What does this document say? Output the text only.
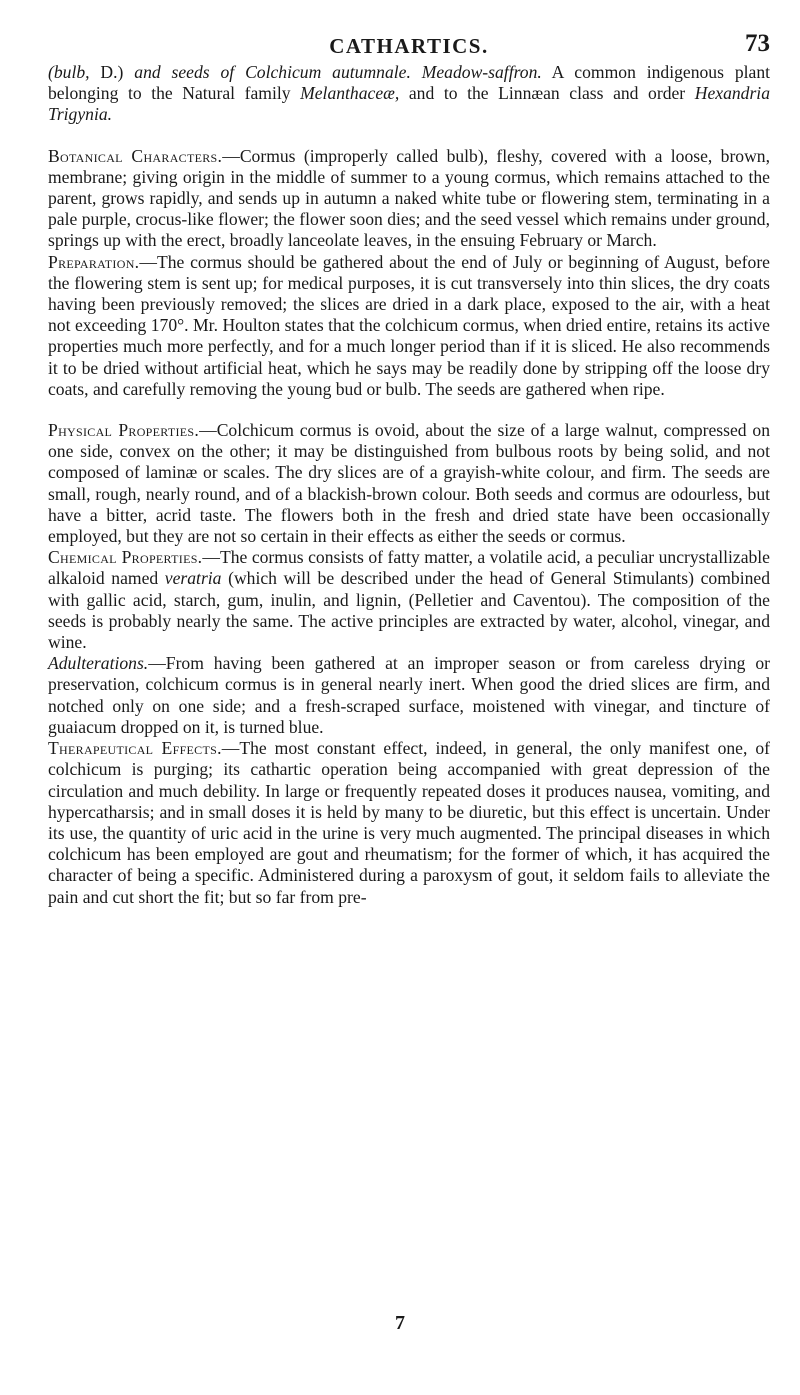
CATHARTICS.	73

(bulb, D.) and seeds of Colchicum autumnale. Meadow-saffron. A common indigenous plant belonging to the Natural family Melanthaceæ, and to the Linnæan class and order Hexandria Trigynia.

Botanical Characters.—Cormus (improperly called bulb), fleshy, covered with a loose, brown, membrane; giving origin in the middle of summer to a young cormus, which remains attached to the parent, grows rapidly, and sends up in autumn a naked white tube or flowering stem, terminating in a pale purple, crocus-like flower; the flower soon dies; and the seed vessel which remains under ground, springs up with the erect, broadly lanceolate leaves, in the ensuing February or March.

Preparation.—The cormus should be gathered about the end of July or beginning of August, before the flowering stem is sent up; for medical purposes, it is cut transversely into thin slices, the dry coats having been previously removed; the slices are dried in a dark place, exposed to the air, with a heat not exceeding 170°. Mr. Houlton states that the colchicum cormus, when dried entire, retains its active properties much more perfectly, and for a much longer period than if it is sliced. He also recommends it to be dried without artificial heat, which he says may be readily done by stripping off the loose dry coats, and carefully removing the young bud or bulb. The seeds are gathered when ripe.

Physical Properties.—Colchicum cormus is ovoid, about the size of a large walnut, compressed on one side, convex on the other; it may be distinguished from bulbous roots by being solid, and not composed of laminæ or scales. The dry slices are of a grayish-white colour, and firm. The seeds are small, rough, nearly round, and of a blackish-brown colour. Both seeds and cormus are odourless, but have a bitter, acrid taste. The flowers both in the fresh and dried state have been occasionally employed, but they are not so certain in their effects as either the seeds or cormus.

Chemical Properties.—The cormus consists of fatty matter, a volatile acid, a peculiar uncrystallizable alkaloid named veratria (which will be described under the head of General Stimulants) combined with gallic acid, starch, gum, inulin, and lignin, (Pelletier and Caventou). The composition of the seeds is probably nearly the same. The active principles are extracted by water, alcohol, vinegar, and wine.

Adulterations.—From having been gathered at an improper season or from careless drying or preservation, colchicum cormus is in general nearly inert. When good the dried slices are firm, and notched only on one side; and a fresh-scraped surface, moistened with vinegar, and tincture of guaiacum dropped on it, is turned blue.

Therapeutical Effects.—The most constant effect, indeed, in general, the only manifest one, of colchicum is purging; its cathartic operation being accompanied with great depression of the circulation and much debility. In large or frequently repeated doses it produces nausea, vomiting, and hypercatharsis; and in small doses it is held by many to be diuretic, but this effect is uncertain. Under its use, the quantity of uric acid in the urine is very much augmented. The principal diseases in which colchicum has been employed are gout and rheumatism; for the former of which, it has acquired the character of being a specific. Administered during a paroxysm of gout, it seldom fails to alleviate the pain and cut short the fit; but so far from pre-

7
